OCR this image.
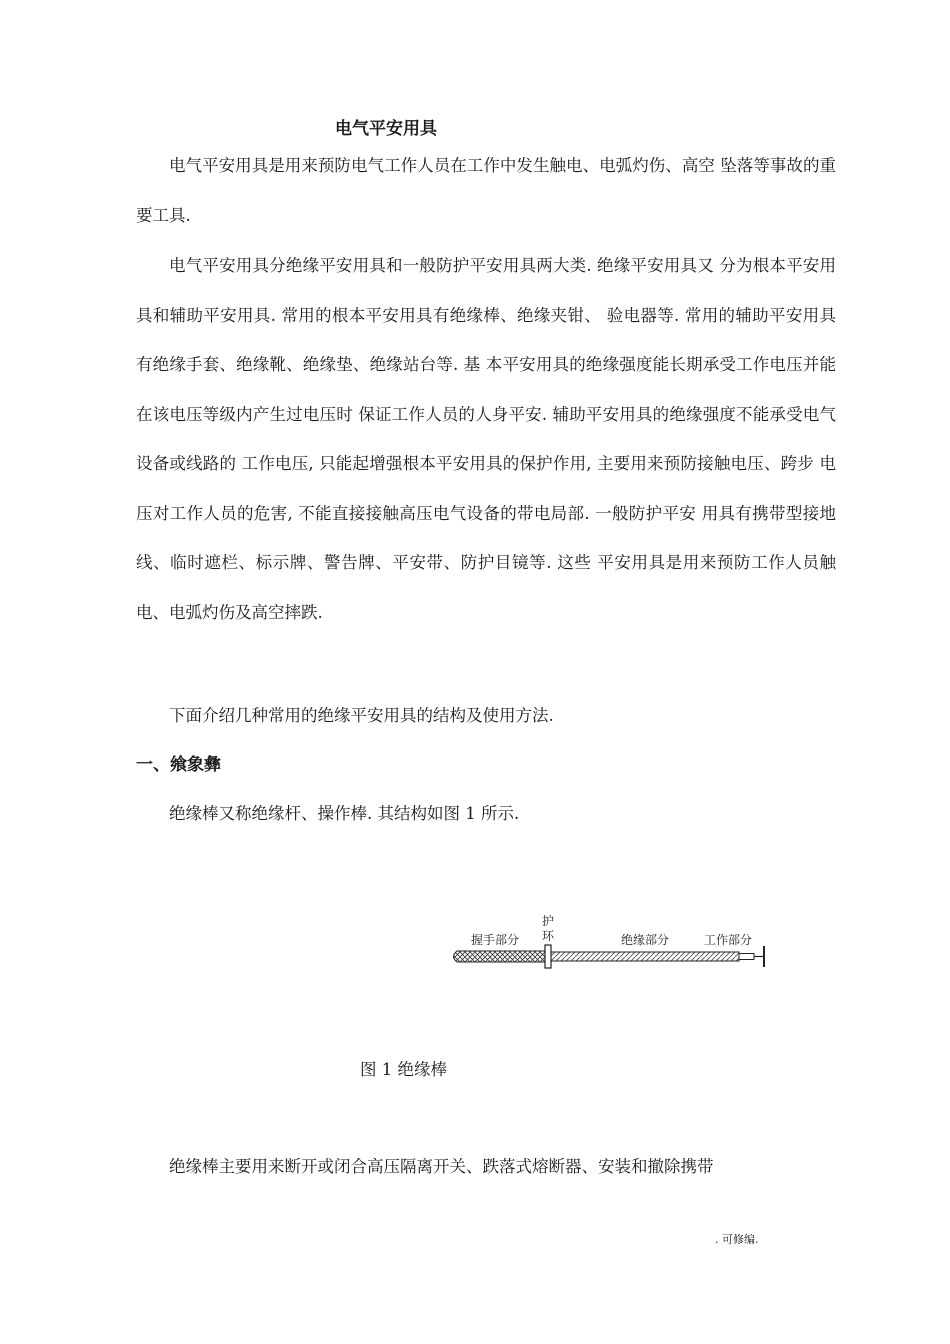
电气平安用具

电气平安用具是用来预防电气工作人员在工作中发生触电、电弧灼伤、高空 坠落等事故的重要工具.

电气平安用具分绝缘平安用具和一般防护平安用具两大类. 绝缘平安用具又 分为根本平安用具和辅助平安用具. 常用的根本平安用具有绝缘棒、绝缘夹钳、 验电器等. 常用的辅助平安用具有绝缘手套、绝缘靴、绝缘垫、绝缘站台等. 基 本平安用具的绝缘强度能长期承受工作电压并能在该电压等级内产生过电压时 保证工作人员的人身平安. 辅助平安用具的绝缘强度不能承受电气设备或线路的 工作电压, 只能起增强根本平安用具的保护作用, 主要用来预防接触电压、跨步 电压对工作人员的危害, 不能直接接触高压电气设备的带电局部. 一般防护平安 用具有携带型接地线、临时遮栏、标示牌、警告牌、平安带、防护目镜等. 这些 平安用具是用来预防工作人员触电、电弧灼伤及高空摔跌.

下面介绍几种常用的绝缘平安用具的结构及使用方法.

一、飨象彝

绝缘棒又称绝缘杆、操作棒. 其结构如图 1 所示.

握手部分
护
环	绝缘部分	工作部分
图 1 绝缘棒

绝缘棒主要用来断开或闭合高压隔离开关、跌落式熔断器、安装和撤除携带

. 可修编.
